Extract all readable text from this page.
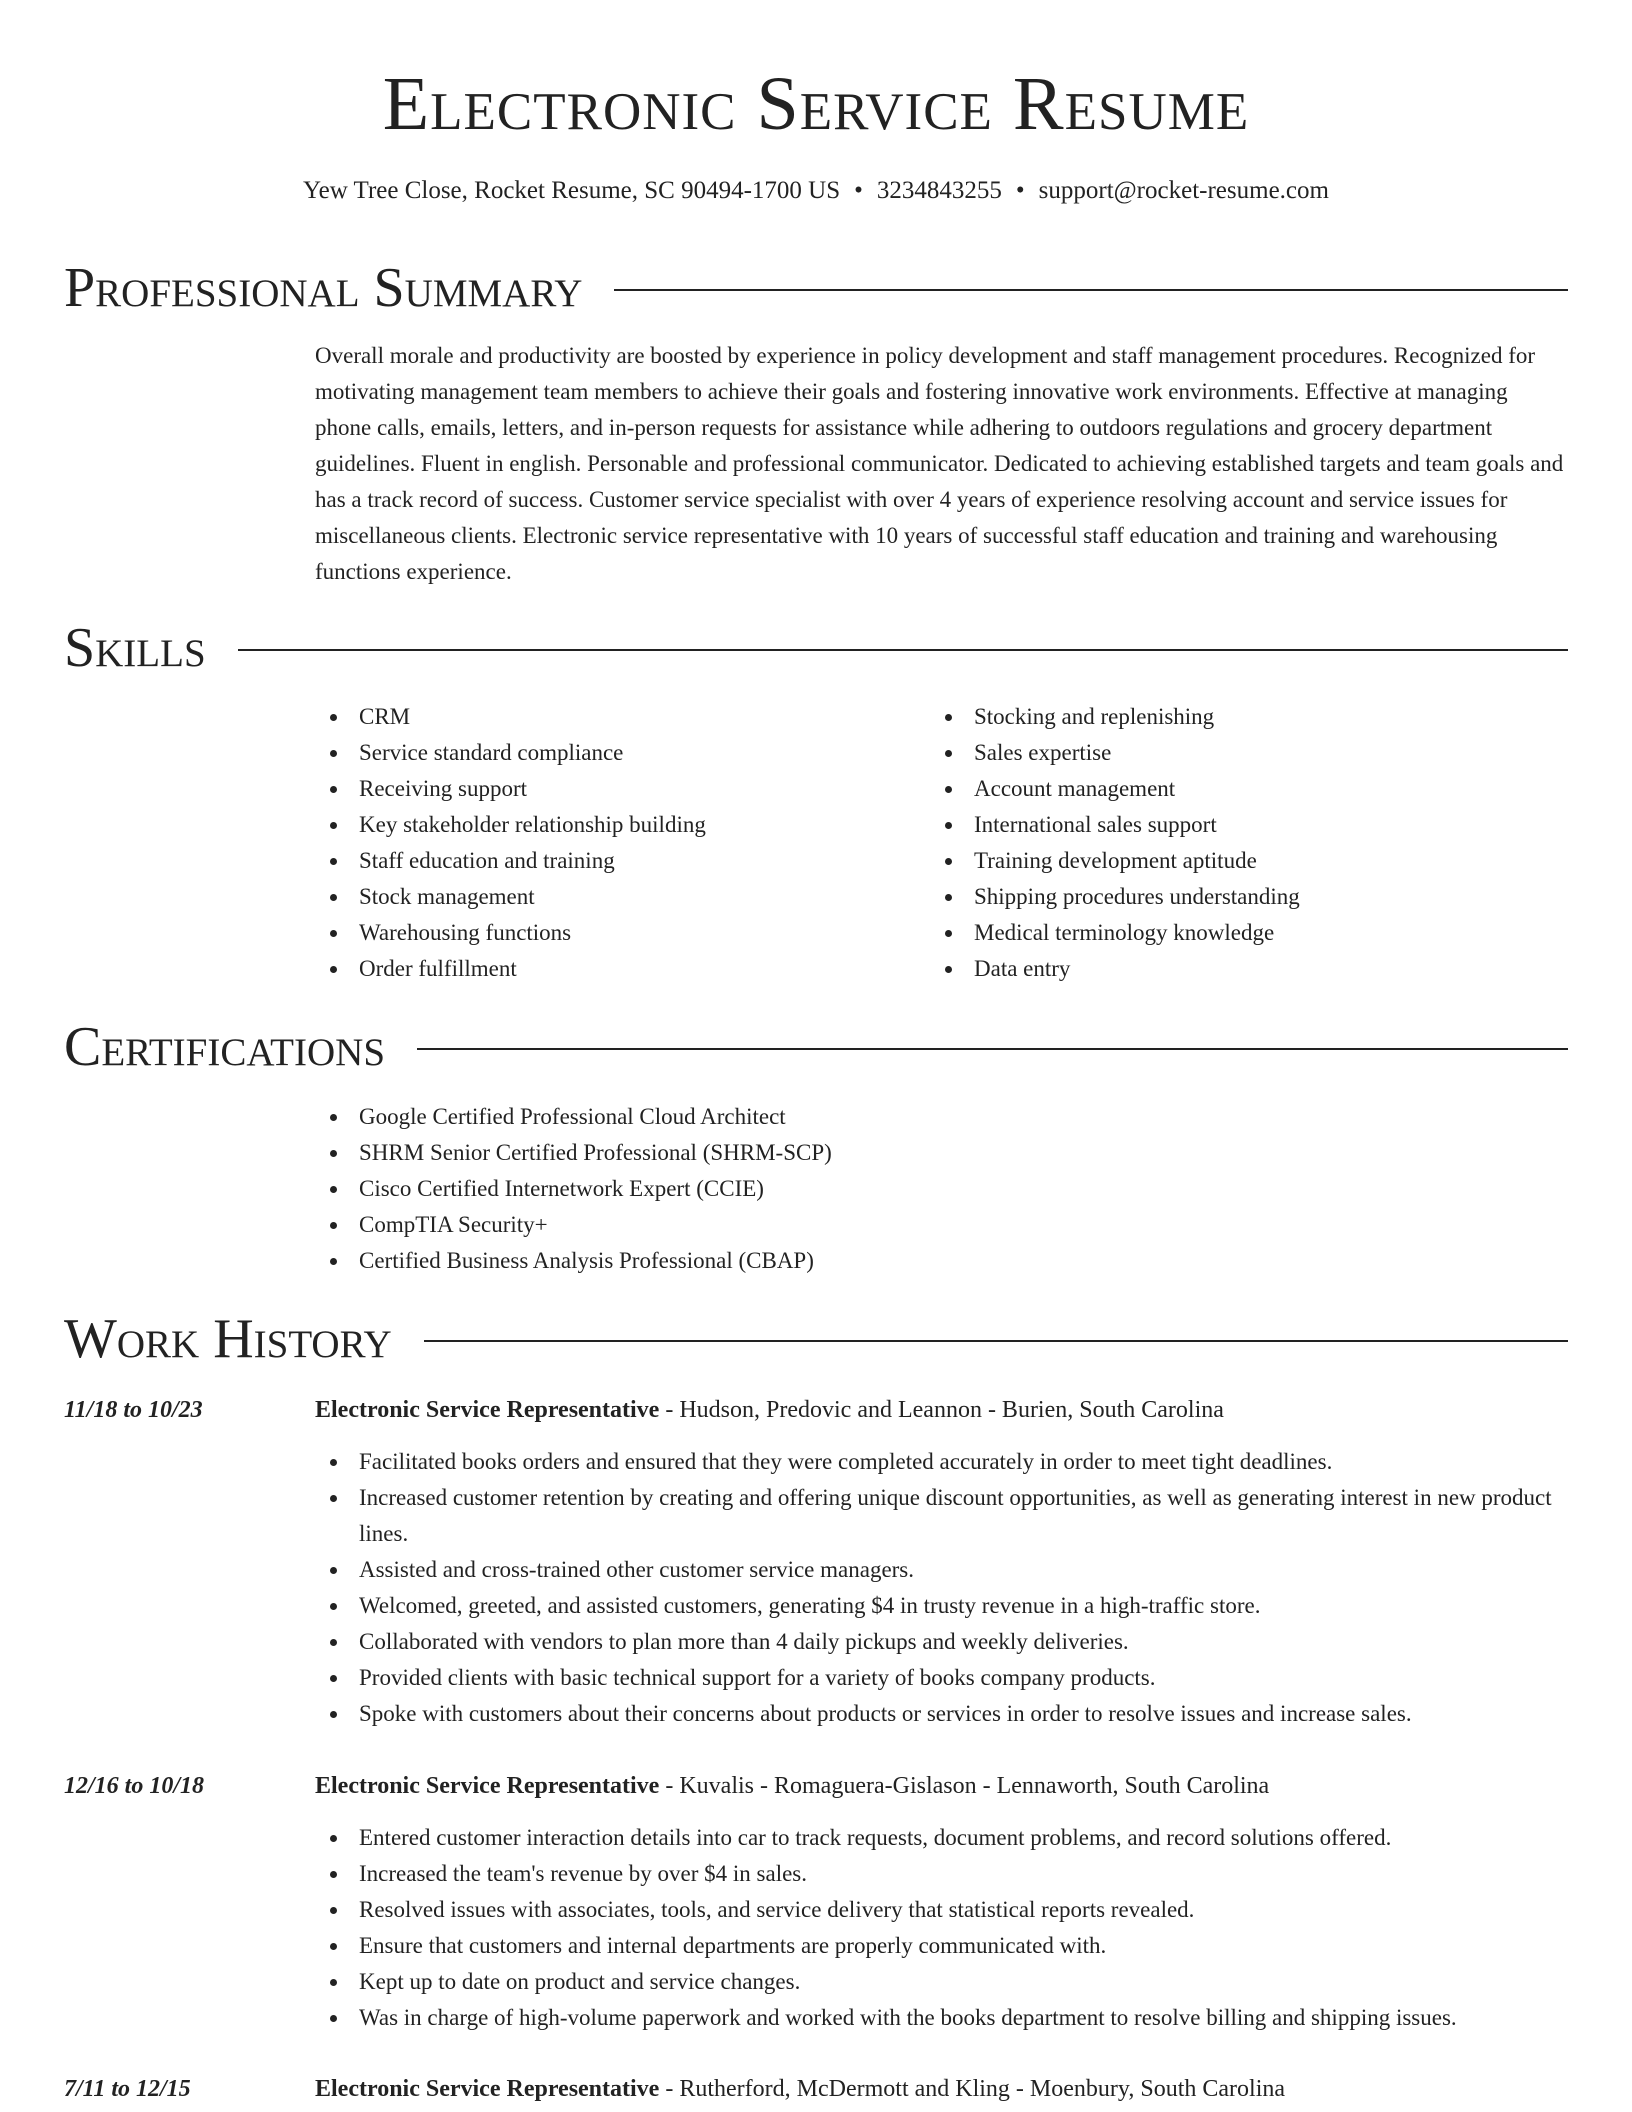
Electronic Service Resume
Yew Tree Close, Rocket Resume, SC 90494-1700 US • 3234843255 • support@rocket-resume.com
Professional Summary
Overall morale and productivity are boosted by experience in policy development and staff management procedures. Recognized for motivating management team members to achieve their goals and fostering innovative work environments. Effective at managing phone calls, emails, letters, and in-person requests for assistance while adhering to outdoors regulations and grocery department guidelines. Fluent in english. Personable and professional communicator. Dedicated to achieving established targets and team goals and has a track record of success. Customer service specialist with over 4 years of experience resolving account and service issues for miscellaneous clients. Electronic service representative with 10 years of successful staff education and training and warehousing functions experience.
Skills
CRM
Service standard compliance
Receiving support
Key stakeholder relationship building
Staff education and training
Stock management
Warehousing functions
Order fulfillment
Stocking and replenishing
Sales expertise
Account management
International sales support
Training development aptitude
Shipping procedures understanding
Medical terminology knowledge
Data entry
Certifications
Google Certified Professional Cloud Architect
SHRM Senior Certified Professional (SHRM-SCP)
Cisco Certified Internetwork Expert (CCIE)
CompTIA Security+
Certified Business Analysis Professional (CBAP)
Work History
11/18 to 10/23	Electronic Service Representative - Hudson, Predovic and Leannon - Burien, South Carolina
Facilitated books orders and ensured that they were completed accurately in order to meet tight deadlines.
Increased customer retention by creating and offering unique discount opportunities, as well as generating interest in new product lines.
Assisted and cross-trained other customer service managers.
Welcomed, greeted, and assisted customers, generating $4 in trusty revenue in a high-traffic store.
Collaborated with vendors to plan more than 4 daily pickups and weekly deliveries.
Provided clients with basic technical support for a variety of books company products.
Spoke with customers about their concerns about products or services in order to resolve issues and increase sales.
12/16 to 10/18	Electronic Service Representative - Kuvalis - Romaguera-Gislason - Lennaworth, South Carolina
Entered customer interaction details into car to track requests, document problems, and record solutions offered.
Increased the team's revenue by over $4 in sales.
Resolved issues with associates, tools, and service delivery that statistical reports revealed.
Ensure that customers and internal departments are properly communicated with.
Kept up to date on product and service changes.
Was in charge of high-volume paperwork and worked with the books department to resolve billing and shipping issues.
7/11 to 12/15	Electronic Service Representative - Rutherford, McDermott and Kling - Moenbury, South Carolina
